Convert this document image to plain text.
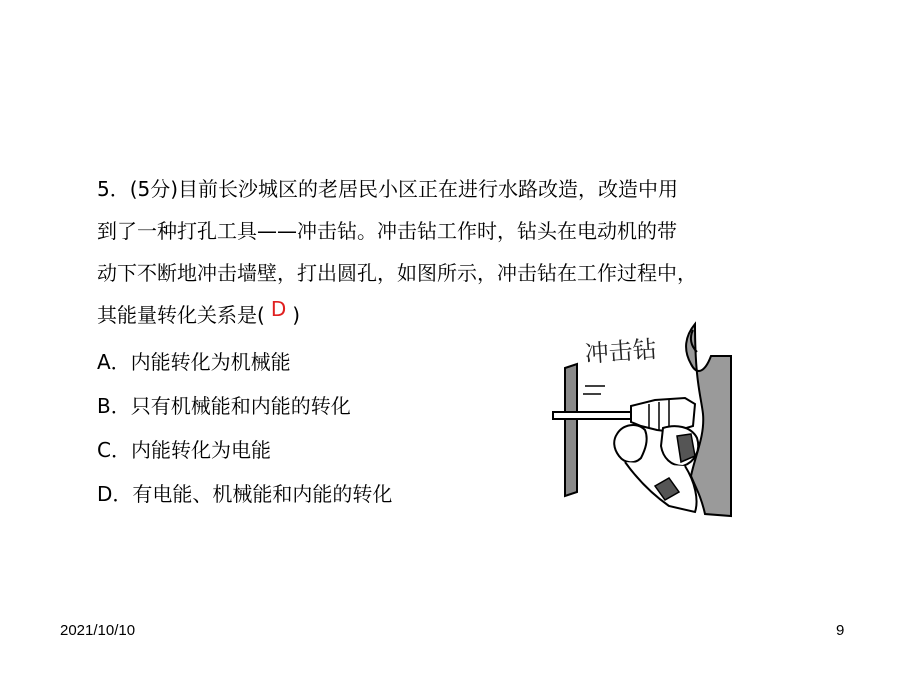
5．(5分)目前长沙城区的老居民小区正在进行水路改造，改造中用
到了一种打孔工具——冲击钻。冲击钻工作时，钻头在电动机的带
动下不断地冲击墙壁，打出圆孔，如图所示，冲击钻在工作过程中，
其能量转化关系是( D )
A．内能转化为机械能
B．只有机械能和内能的转化
C．内能转化为电能
D．有电能、机械能和内能的转化
冲击钻
2021/10/10	9
